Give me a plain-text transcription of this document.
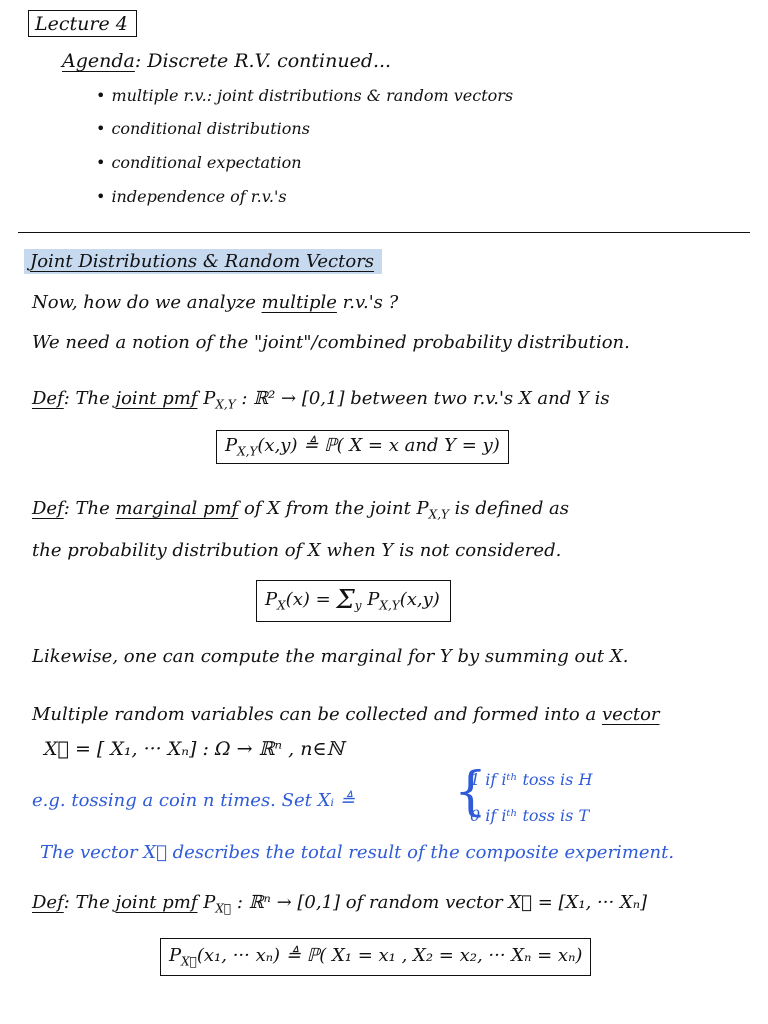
Lecture 4
Agenda: Discrete R.V. continued...
• multiple r.v.: joint distributions & random vectors
• conditional distributions
• conditional expectation
• independence of r.v.'s
Joint Distributions & Random Vectors
Now, how do we analyze multiple r.v.'s ?
We need a notion of the "joint"/combined probability distribution.
Def: The joint pmf $P_{X,Y}$ : ℝ² → [0,1] between two r.v.'s X and Y is
$P_{X,Y}(x,y)$ ≜ ℙ( X = x and Y = y)
Def: The marginal pmf of X from the joint $P_{X,Y}$ is defined as
the probability distribution of X when Y is not considered.
$P_X(x) = \Sigma_y$ $P_{X,Y}(x,y)$
Likewise, one can compute the marginal for Y by summing out X.
Multiple random variables can be collected and formed into a vector
X⃗ = [ X₁, ··· Xₙ] : Ω → ℝⁿ , n∈ℕ
e.g. tossing a coin n times. Set Xᵢ ≜ {
1 if iᵗʰ toss is H
0 if iᵗʰ toss is T
The vector X⃗ describes the total result of the composite experiment.
Def: The joint pmf $P_{X⃗}$ : ℝⁿ → [0,1] of random vector X⃗ = [X₁, ··· Xₙ]
$P_{X⃗}(x_1$, ··· xₙ) ≜ ℙ( X₁ = x₁ , X₂ = x₂, ··· Xₙ = xₙ)
